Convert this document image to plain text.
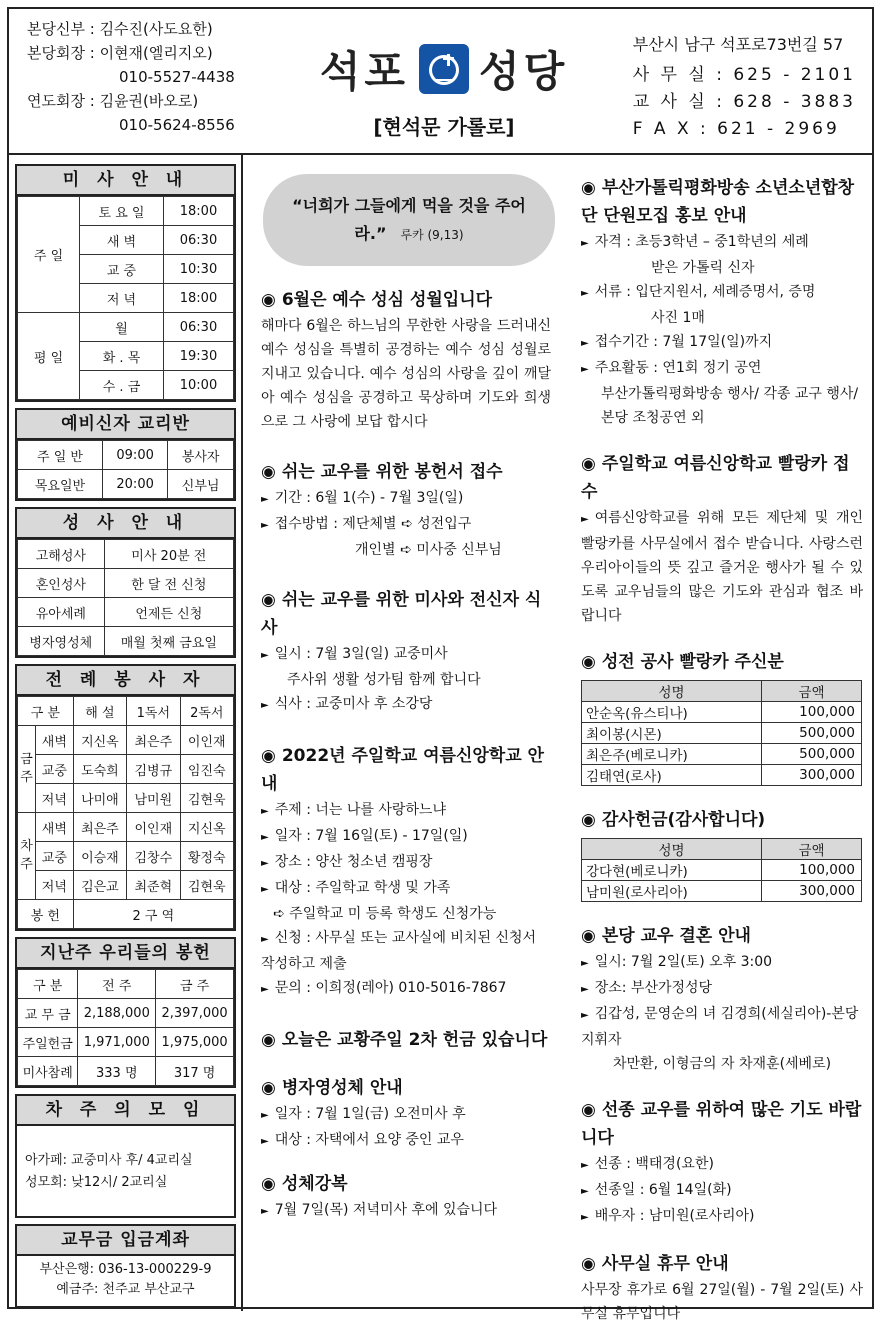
본당신부 : 김수진(사도요한)
본당회장 : 이현재(엘리지오)
010-5527-4438
연도회장 : 김윤권(바오로)
010-5624-8556
석포 성당
[현석문 가롤로]
부산시 남구 석포로73번길 57
사 무 실 : 625 - 2101
교 사 실 : 628 - 3883
F A X : 621 - 2969
미 사 안 내
주 일	토 요 일	18:00
	새 벽	06:30
	교 중	10:30
	저 녁	18:00
평 일	월	06:30
	화 . 목	19:30
	수 . 금	10:00
예비신자 교리반
주 일 반	09:00	봉사자
목요일반	20:00	신부님
성 사 안 내
고해성사	미사 20분 전
혼인성사	한 달 전 신청
유아세례	언제든 신청
병자영성체	매월 첫째 금요일
전 례 봉 사 자
구 분		해 설	1독서	2독서
금주	새벽	지신옥	최은주	이인재
	교중	도숙희	김병규	임진숙
	저녁	나미애	남미원	김현욱
차주	새벽	최은주	이인재	지신옥
	교중	이승재	김창수	황정숙
	저녁	김은교	최준혁	김현욱
봉 헌		2 구 역		
지난주 우리들의 봉헌
구 분	전 주	금 주
교 무 금	2,188,000	2,397,000
주일헌금	1,971,000	1,975,000
미사참례	333 명	317 명
차 주 의 모 임
아가페: 교중미사 후/ 4교리실
성모회: 낮12시/ 2교리실
교무금 입금계좌
부산은행: 036-13-000229-9
예금주: 천주교 부산교구
“너희가 그들에게 먹을 것을 주어라.” 루카 (9,13)
◉ 6월은 예수 성심 성월입니다
해마다 6월은 하느님의 무한한 사랑을 드러내신 예수 성심을 특별히 공경하는 예수 성심 성월로 지내고 있습니다. 예수 성심의 사랑을 깊이 깨달아 예수 성심을 공경하고 묵상하며 기도와 희생으로 그 사랑에 보답 합시다
◉ 쉬는 교우를 위한 봉헌서 접수
► 기간 : 6월 1(수) - 7월 3일(일)
► 접수방법 : 제단체별 ➪ 성전입구
개인별 ➪ 미사중 신부님
◉ 쉬는 교우를 위한 미사와 전신자 식사
► 일시 : 7월 3일(일) 교중미사
주사위 생활 성가팀 함께 합니다
► 식사 : 교중미사 후 소강당
◉ 2022년 주일학교 여름신앙학교 안내
► 주제 : 너는 나를 사랑하느냐
► 일자 : 7월 16일(토) - 17일(일)
► 장소 : 양산 청소년 캠핑장
► 대상 : 주일학교 학생 및 가족
➪ 주일학교 미 등록 학생도 신청가능
► 신청 : 사무실 또는 교사실에 비치된 신청서 작성하고 제출
► 문의 : 이희정(레아) 010-5016-7867
◉ 오늘은 교황주일 2차 헌금 있습니다
◉ 병자영성체 안내
► 일자 : 7월 1일(금) 오전미사 후
► 대상 : 자택에서 요양 중인 교우
◉ 성체강복
► 7월 7일(목) 저녁미사 후에 있습니다
◉ 부산가톨릭평화방송 소년소년합창단 단원모집 홍보 안내
► 자격 : 초등3학년 – 중1학년의 세례
받은 가톨릭 신자
► 서류 : 입단지원서, 세례증명서, 증명
사진 1매
► 접수기간 : 7월 17일(일)까지
► 주요활동 : 연1회 정기 공연
부산가톨릭평화방송 행사/ 각종 교구 행사/ 본당 조청공연 외
◉ 주일학교 여름신앙학교 빨랑카 접수
► 여름신앙학교를 위해 모든 제단체 및 개인 빨랑카를 사무실에서 접수 받습니다. 사랑스런 우리아이들의 뜻 깊고 즐거운 행사가 될 수 있도록 교우님들의 많은 기도와 관심과 협조 바랍니다
◉ 성전 공사 빨랑카 주신분
성명	금액
안순옥(유스티나)	100,000
최이봉(시몬)	500,000
최은주(베로니카)	500,000
김태연(로사)	300,000
◉ 감사헌금(감사합니다)
성명	금액
강다현(베로니카)	100,000
남미원(로사리아)	300,000
◉ 본당 교우 결혼 안내
► 일시: 7월 2일(토) 오후 3:00
► 장소: 부산가정성당
► 김갑성, 문영순의 녀 김경희(세실리아)-본당 지휘자
차만환, 이형금의 자 차재훈(세베로)
◉ 선종 교우를 위하여 많은 기도 바랍니다
► 선종 : 백태경(요한)
► 선종일 : 6월 14일(화)
► 배우자 : 남미원(로사리아)
◉ 사무실 휴무 안내
사무장 휴가로 6월 27일(월) - 7월 2일(토) 사무실 휴무입니다
